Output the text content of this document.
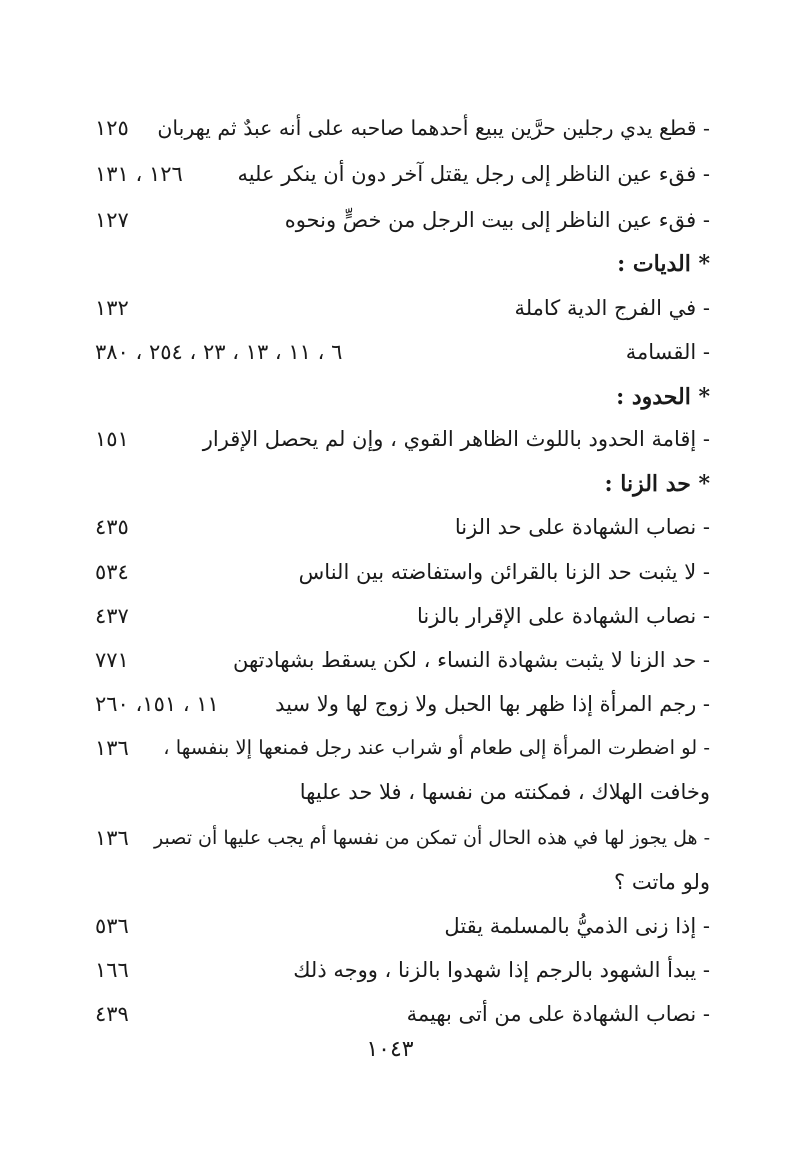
- قطع يدي رجلين حرَّين يبيع أحدهما صاحبه على أنه عبدٌ ثم يهربان
١٢٥
- فقء عين الناظر إلى رجل يقتل آخر دون أن ينكر عليه
١٢٦ ، ١٣١
- فقء عين الناظر إلى بيت الرجل من خصٍّ ونحوه
١٢٧
* الديات :
- في الفرج الدية كاملة
١٣٢
- القسامة
٦ ، ١١ ، ١٣ ، ٢٣ ، ٢٥٤ ، ٣٨٠
* الحدود :
- إقامة الحدود باللوث الظاهر القوي ، وإن لم يحصل الإقرار
١٥١
* حد الزنا :
- نصاب الشهادة على حد الزنا
٤٣٥
- لا يثبت حد الزنا بالقرائن واستفاضته بين الناس
٥٣٤
- نصاب الشهادة على الإقرار بالزنا
٤٣٧
- حد الزنا لا يثبت بشهادة النساء ، لكن يسقط بشهادتهن
٧٧١
- رجم المرأة إذا ظهر بها الحبل ولا زوج لها ولا سيد
١١ ، ١٥١، ٢٦٠
- لو اضطرت المرأة إلى طعام أو شراب عند رجل فمنعها إلا بنفسها ،
١٣٦
وخافت الهلاك ، فمكنته من نفسها ، فلا حد عليها
- هل يجوز لها في هذه الحال أن تمكن من نفسها أم يجب عليها أن تصبر
١٣٦
ولو ماتت ؟
- إذا زنى الذميُّ بالمسلمة يقتل
٥٣٦
- يبدأ الشهود بالرجم إذا شهدوا بالزنا ، ووجه ذلك
١٦٦
- نصاب الشهادة على من أتى بهيمة
٤٣٩
١٠٤٣
